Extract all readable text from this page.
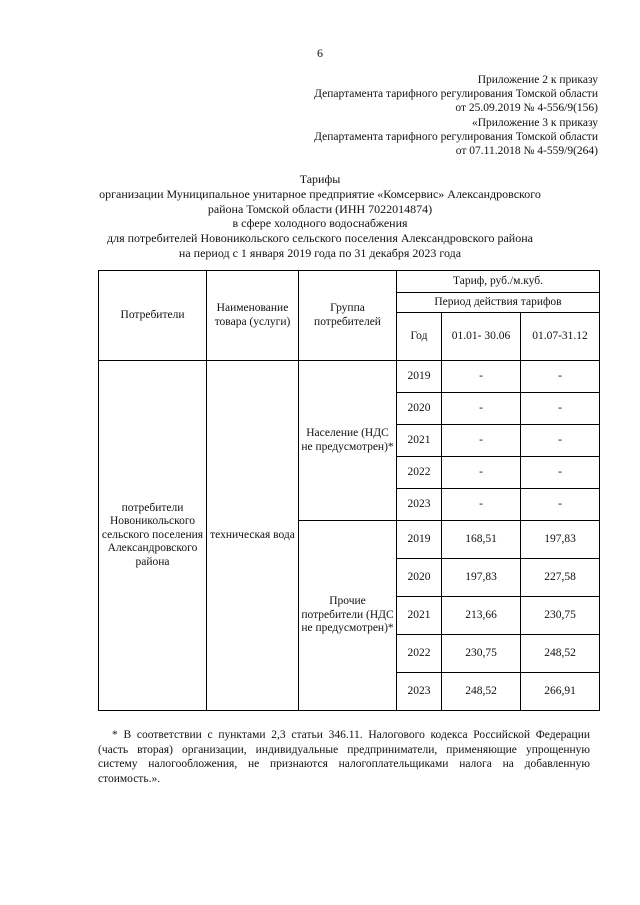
6
Приложение 2 к приказу
Департамента тарифного регулирования Томской области
от 25.09.2019 № 4-556/9(156)
«Приложение 3 к приказу
Департамента тарифного регулирования Томской области
от 07.11.2018 № 4-559/9(264)
Тарифы
организации Муниципальное унитарное предприятие «Комсервис» Александровского
района Томской области (ИНН 7022014874)
в сфере холодного водоснабжения
для потребителей Новоникольского сельского поселения Александровского района
на период с 1 января 2019 года по 31 декабря 2023 года
Потребители	Наименование товара (услуги)	Группа потребителей	Тариф, руб./м.куб.		
			Период действия тарифов		
			Год	01.01- 30.06	01.07-31.12
потребители Новоникольского сельского поселения Александровского района	техническая вода	Население (НДС не предусмотрен)*	2019	-	-
			2020	-	-
			2021	-	-
			2022	-	-
			2023	-	-
		Прочие потребители (НДС не предусмотрен)*	2019	168,51	197,83
			2020	197,83	227,58
			2021	213,66	230,75
			2022	230,75	248,52
			2023	248,52	266,91
* В соответствии с пунктами 2,3 статьи 346.11. Налогового кодекса Российской Федерации (часть вторая) организации, индивидуальные предприниматели, применяющие упрощенную систему налогообложения, не признаются налогоплательщиками налога на добавленную стоимость.».
